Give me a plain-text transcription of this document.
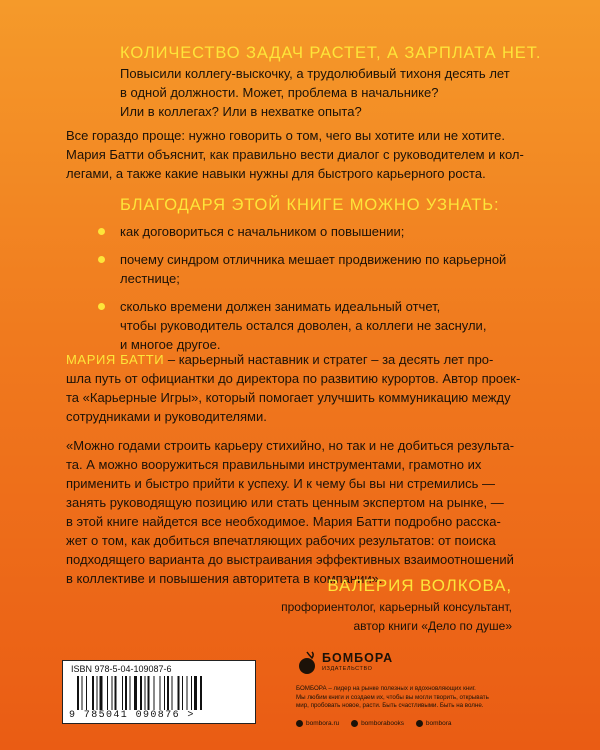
КОЛИЧЕСТВО ЗАДАЧ РАСТЕТ, А ЗАРПЛАТА НЕТ.
Повысили коллегу-выскочку, а трудолюбивый тихоня десять лет
в одной должности. Может, проблема в начальнике?
Или в коллегах? Или в нехватке опыта?
Все гораздо проще: нужно говорить о том, чего вы хотите или не хотите.
Мария Батти объяснит, как правильно вести диалог с руководителем и кол-
легами, а также какие навыки нужны для быстрого карьерного роста.
БЛАГОДАРЯ ЭТОЙ КНИГЕ МОЖНО УЗНАТЬ:
как договориться с начальником о повышении;
почему синдром отличника мешает продвижению по карьерной
лестнице;
сколько времени должен занимать идеальный отчет,
чтобы руководитель остался доволен, а коллеги не заснули,
и многое другое.
МАРИЯ БАТТИ – карьерный наставник и стратег – за десять лет про-
шла путь от официантки до директора по развитию курортов. Автор проек-
та «Карьерные Игры», который помогает улучшить коммуникацию между
сотрудниками и руководителями.
«Можно годами строить карьеру стихийно, но так и не добиться результа-
та. А можно вооружиться правильными инструментами, грамотно их
применить и быстро прийти к успеху. И к чему бы вы ни стремились —
занять руководящую позицию или стать ценным экспертом на рынке, —
в этой книге найдется все необходимое. Мария Батти подробно расска-
жет о том, как добиться впечатляющих рабочих результатов: от поиска
подходящего варианта до выстраивания эффективных взаимоотношений
в коллективе и повышения авторитета в компании».
ВАЛЕРИЯ ВОЛКОВА,
профориентолог, карьерный консультант,
автор книги «Дело по душе»
ISBN 978-5-04-109087-6
9 785041 090876 >
БОМБОРА
ИЗДАТЕЛЬСТВО
БОМБОРА – лидер на рынке полезных и вдохновляющих книг.
Мы любим книги и создаем их, чтобы вы могли творить, открывать
мир, пробовать новое, расти. Быть счастливыми. Быть на волне.
bombora.ru
	bomborabooks
	bombora
